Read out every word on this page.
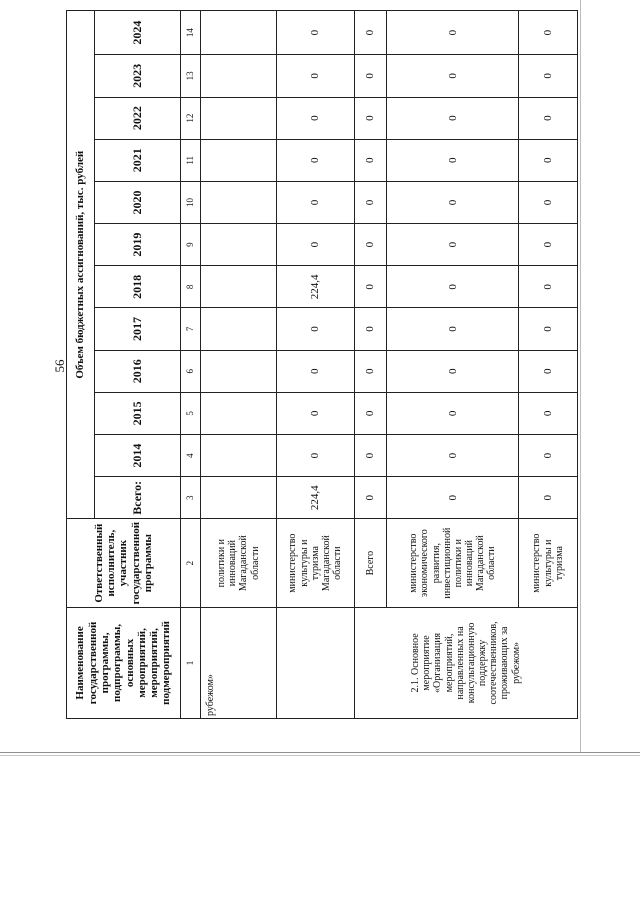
56
Наименование государственной программы, подпрограммы, основных мероприятий, мероприятий, подмероприятий	Ответственный исполнитель, участник государственной программы	Объем бюджетных ассигнований, тыс. рублей											
		Всего:	2014	2015	2016	2017	2018	2019	2020	2021	2022	2023	2024
1	2	3	4	5	6	7	8	9	10	11	12	13	14
рубежом»	политики и инноваций Магаданской области												
	министерство культуры и туризма Магаданской области	224,4	0	0	0	0	224,4	0	0	0	0	0	0
2.1. Основное мероприятие «Организация мероприятий, направленных на консультационную поддержку соотечественников, проживающих за рубежом»	Всего	0	0	0	0	0	0	0	0	0	0	0	0
	министерство экономического развития, инвестиционной политики и инноваций Магаданской области	0	0	0	0	0	0	0	0	0	0	0	0
	министерство культуры и туризма	0	0	0	0	0	0	0	0	0	0	0	0
